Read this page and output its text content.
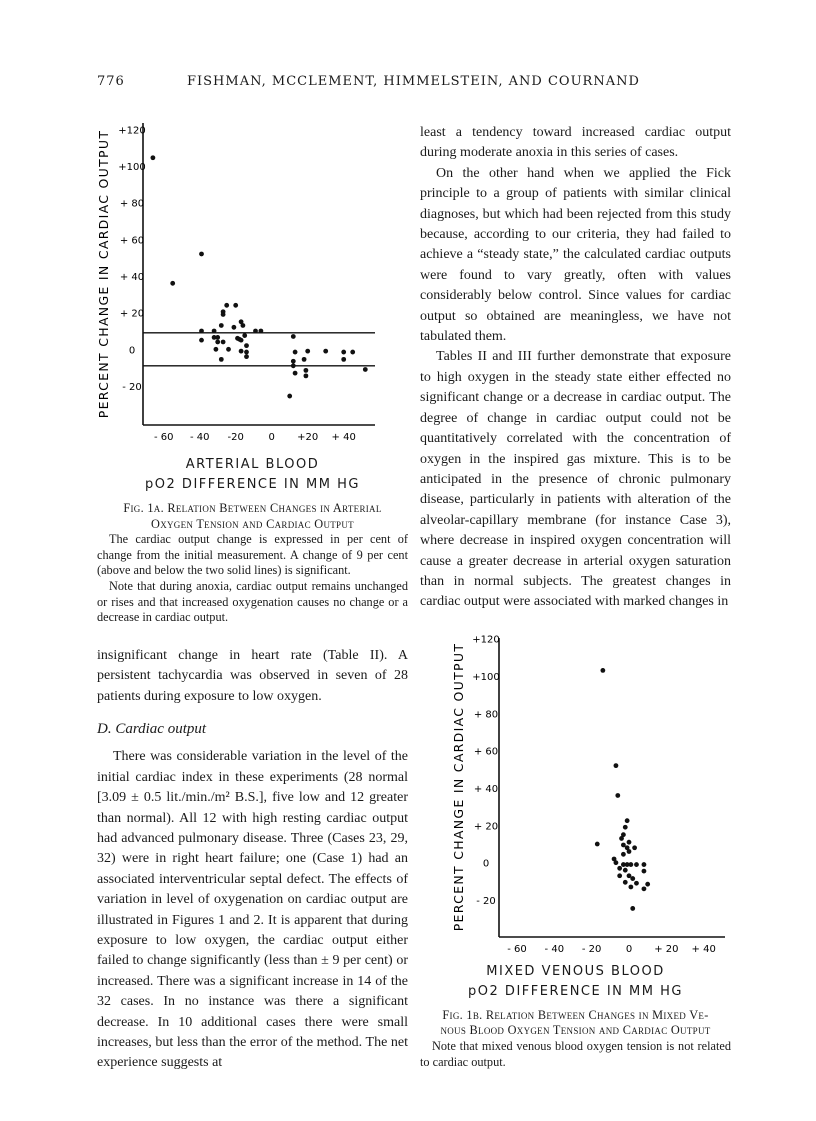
776	FISHMAN, MCCLEMENT, HIMMELSTEIN, AND COURNAND
+120
+100
+ 80
+ 60
+ 40
+ 20
0
- 20
- 60 - 40 -20 0 +20 + 40
PERCENT CHANGE IN CARDIAC OUTPUT
ARTERIAL BLOOD
pO2 DIFFERENCE IN MM HG
Fig. 1a. Relation Between Changes in Arterial
Oxygen Tension and Cardiac Output

The cardiac output change is expressed in per cent of change from the initial measurement. A change of 9 per cent (above and below the two solid lines) is significant.

Note that during anoxia, cardiac output remains unchanged or rises and that increased oxygenation causes no change or a decrease in cardiac output.

insignificant change in heart rate (Table II). A persistent tachycardia was observed in seven of 28 patients during exposure to low oxygen.

D. Cardiac output

There was considerable variation in the level of the initial cardiac index in these experiments (28 normal [3.09 ± 0.5 lit./min./m² B.S.], five low and 12 greater than normal). All 12 with high resting cardiac output had advanced pulmonary disease. Three (Cases 23, 29, 32) were in right heart failure; one (Case 1) had an associated interventricular septal defect. The effects of variation in level of oxygenation on cardiac output are illustrated in Figures 1 and 2. It is apparent that during exposure to low oxygen, the cardiac output either failed to change significantly (less than ± 9 per cent) or increased. There was a significant increase in 14 of the 32 cases. In no instance was there a significant decrease. In 10 additional cases there were small increases, but less than the error of the method. The net experience suggests at

least a tendency toward increased cardiac output during moderate anoxia in this series of cases.

On the other hand when we applied the Fick principle to a group of patients with similar clinical diagnoses, but which had been rejected from this study because, according to our criteria, they had failed to achieve a “steady state,” the calculated cardiac outputs were found to vary greatly, often with values considerably below control. Since values for cardiac output so obtained are meaningless, we have not tabulated them.

Tables II and III further demonstrate that exposure to high oxygen in the steady state either effected no significant change or a decrease in cardiac output. The degree of change in cardiac output could not be quantitatively correlated with the concentration of oxygen in the inspired gas mixture. This is to be anticipated in the presence of chronic pulmonary disease, particularly in patients with alteration of the alveolar-capillary membrane (for instance Case 3), where decrease in inspired oxygen concentration will cause a greater decrease in arterial oxygen saturation than in normal subjects. The greatest changes in cardiac output were associated with marked changes in

+120
+100
+ 80
+ 60
+ 40
+ 20
0
- 20
- 60 - 40 - 20 0 + 20 + 40
PERCENT CHANGE IN CARDIAC OUTPUT
MIXED VENOUS BLOOD
pO2 DIFFERENCE IN MM HG
Fig. 1b. Relation Between Changes in Mixed Ve-
nous Blood Oxygen Tension and Cardiac Output

Note that mixed venous blood oxygen tension is not related to cardiac output.
